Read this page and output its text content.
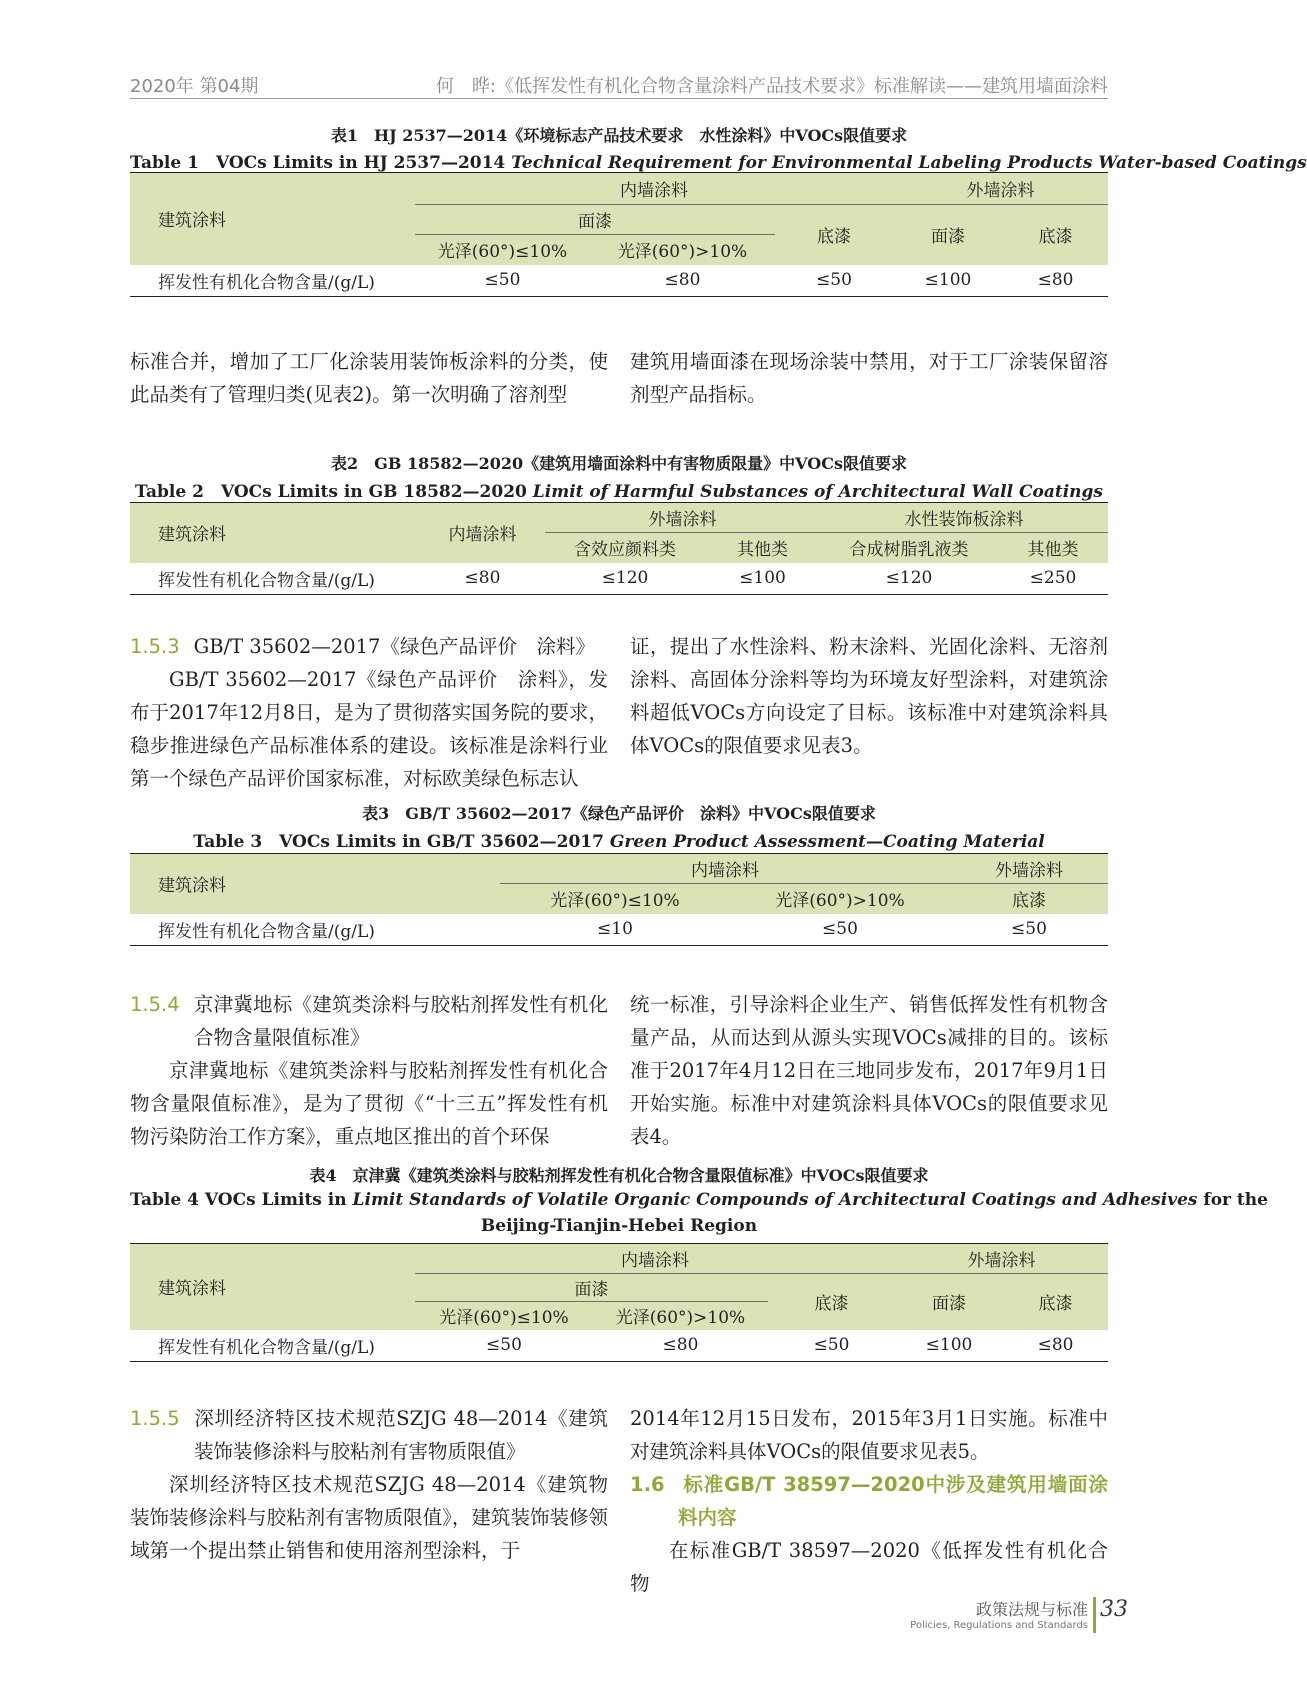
2020年 第04期	何　晔:《低挥发性有机化合物含量涂料产品技术要求》标准解读——建筑用墙面涂料
表1　HJ 2537—2014《环境标志产品技术要求　水性涂料》中VOCs限值要求
Table 1　VOCs Limits in HJ 2537—2014 Technical Requirement for Environmental Labeling Products Water-based Coatings
建筑涂料	内墙涂料			外墙涂料	
	面漆		底漆	面漆	底漆
	光泽(60°)≤10%	光泽(60°)>10%			
挥发性有机化合物含量/(g/L)	≤50	≤80	≤50	≤100	≤80

标准合并，增加了工厂化涂装用装饰板涂料的分类，使此品类有了管理归类(见表2)。第一次明确了溶剂型

建筑用墙面漆在现场涂装中禁用，对于工厂涂装保留溶剂型产品指标。

表2　GB 18582—2020《建筑用墙面涂料中有害物质限量》中VOCs限值要求
Table 2　VOCs Limits in GB 18582—2020 Limit of Harmful Substances of Architectural Wall Coatings
建筑涂料	内墙涂料	外墙涂料		水性装饰板涂料	
		含效应颜料类	其他类	合成树脂乳液类	其他类
挥发性有机化合物含量/(g/L)	≤80	≤120	≤100	≤120	≤250

1.5.3 GB/T 35602—2017《绿色产品评价　涂料》

GB/T 35602—2017《绿色产品评价　涂料》，发布于2017年12月8日，是为了贯彻落实国务院的要求，稳步推进绿色产品标准体系的建设。该标准是涂料行业第一个绿色产品评价国家标准，对标欧美绿色标志认

证，提出了水性涂料、粉末涂料、光固化涂料、无溶剂涂料、高固体分涂料等均为环境友好型涂料，对建筑涂料超低VOCs方向设定了目标。该标准中对建筑涂料具体VOCs的限值要求见表3。

表3　GB/T 35602—2017《绿色产品评价　涂料》中VOCs限值要求
Table 3　VOCs Limits in GB/T 35602—2017 Green Product Assessment—Coating Material
建筑涂料	内墙涂料		外墙涂料
	光泽(60°)≤10%	光泽(60°)>10%	底漆
挥发性有机化合物含量/(g/L)	≤10	≤50	≤50

1.5.4 京津冀地标《建筑类涂料与胶粘剂挥发性有机化合物含量限值标准》

京津冀地标《建筑类涂料与胶粘剂挥发性有机化合物含量限值标准》，是为了贯彻《“十三五”挥发性有机物污染防治工作方案》，重点地区推出的首个环保

统一标准，引导涂料企业生产、销售低挥发性有机物含量产品，从而达到从源头实现VOCs减排的目的。该标准于2017年4月12日在三地同步发布，2017年9月1日开始实施。标准中对建筑涂料具体VOCs的限值要求见表4。

表4　京津冀《建筑类涂料与胶粘剂挥发性有机化合物含量限值标准》中VOCs限值要求
Table 4 VOCs Limits in Limit Standards of Volatile Organic Compounds of Architectural Coatings and Adhesives for the
Beijing-Tianjin-Hebei Region
建筑涂料	内墙涂料			外墙涂料	
	面漆		底漆	面漆	底漆
	光泽(60°)≤10%	光泽(60°)>10%			
挥发性有机化合物含量/(g/L)	≤50	≤80	≤50	≤100	≤80

1.5.5 深圳经济特区技术规范SZJG 48—2014《建筑装饰装修涂料与胶粘剂有害物质限值》

深圳经济特区技术规范SZJG 48—2014《建筑物装饰装修涂料与胶粘剂有害物质限值》，建筑装饰装修领域第一个提出禁止销售和使用溶剂型涂料，于

2014年12月15日发布，2015年3月1日实施。标准中对建筑涂料具体VOCs的限值要求见表5。

1.6 标准GB/T 38597—2020中涉及建筑用墙面涂料内容

在标准GB/T 38597—2020《低挥发性有机化合物

政策法规与标准
Policies, Regulations and Standards
33
